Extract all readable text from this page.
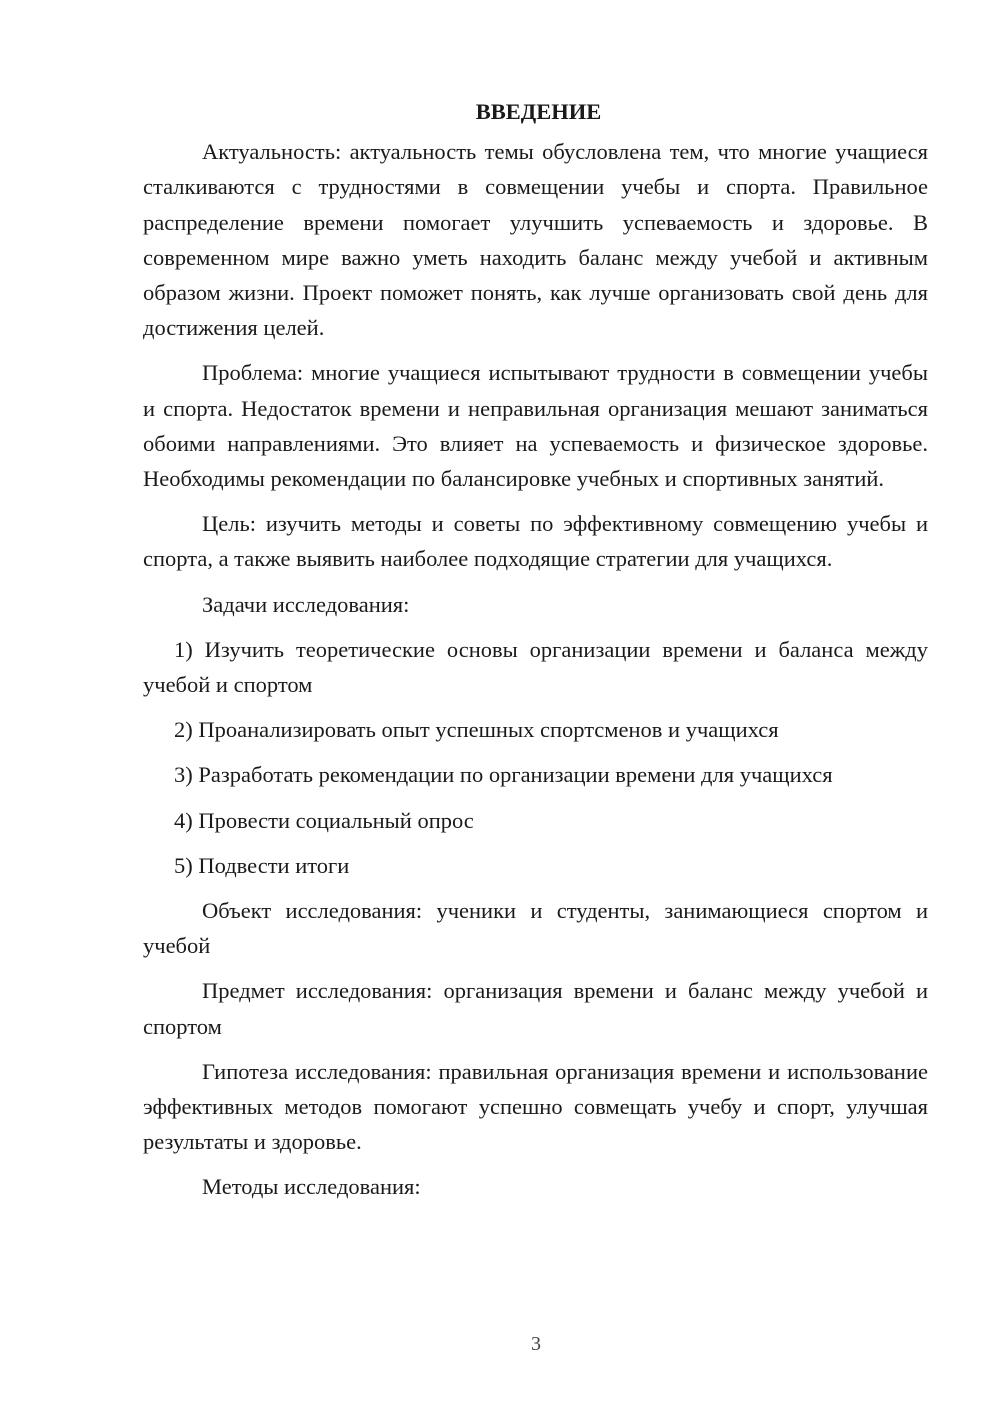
ВВЕДЕНИЕ

Актуальность: актуальность темы обусловлена тем, что многие учащиеся сталкиваются с трудностями в совмещении учебы и спорта. Правильное распределение времени помогает улучшить успеваемость и здоровье. В современном мире важно уметь находить баланс между учебой и активным образом жизни. Проект поможет понять, как лучше организовать свой день для достижения целей.

Проблема: многие учащиеся испытывают трудности в совмещении учебы и спорта. Недостаток времени и неправильная организация мешают заниматься обоими направлениями. Это влияет на успеваемость и физическое здоровье. Необходимы рекомендации по балансировке учебных и спортивных занятий.

Цель: изучить методы и советы по эффективному совмещению учебы и спорта, а также выявить наиболее подходящие стратегии для учащихся.

Задачи исследования:

1) Изучить теоретические основы организации времени и баланса между учебой и спортом

2) Проанализировать опыт успешных спортсменов и учащихся

3) Разработать рекомендации по организации времени для учащихся

4) Провести социальный опрос

5) Подвести итоги

Объект исследования: ученики и студенты, занимающиеся спортом и учебой

Предмет исследования: организация времени и баланс между учебой и спортом

Гипотеза исследования: правильная организация времени и использование эффективных методов помогают успешно совмещать учебу и спорт, улучшая результаты и здоровье.

Методы исследования:

3
